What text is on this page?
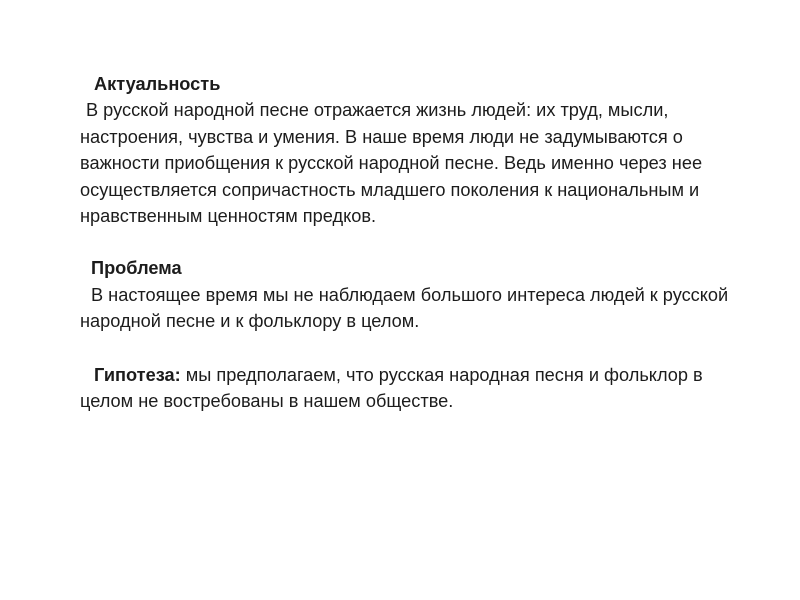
Актуальность

В русской народной песне отражается жизнь людей: их труд, мысли, настроения, чувства и умения. В наше время люди не задумываются о важности приобщения к русской народной песне. Ведь именно через нее осуществляется сопричастность младшего поколения к национальным и нравственным ценностям предков.

Проблема

В настоящее время мы не наблюдаем большого интереса людей к русской народной песне и к фольклору в целом.

Гипотеза: мы предполагаем, что русская народная песня и фольклор в целом не востребованы в нашем обществе.
